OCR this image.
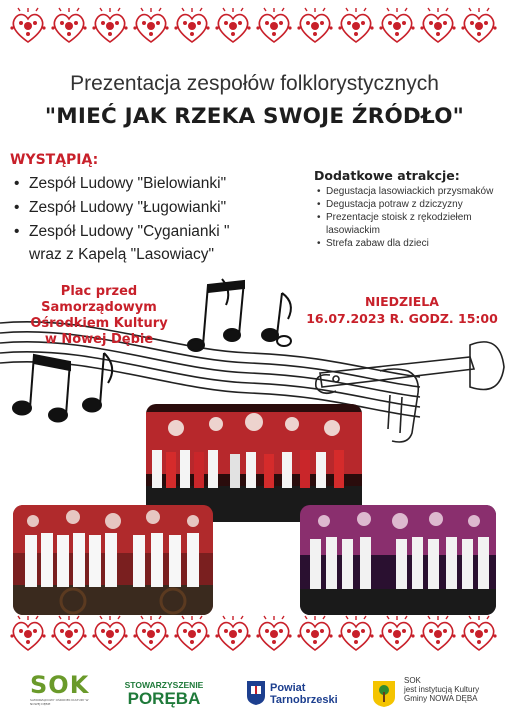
Prezentacja zespołów folklorystycznych
"MIEĆ JAK RZEKA SWOJE ŹRÓDŁO"
WYSTĄPIĄ:
• Zespół Ludowy "Bielowianki"
• Zespół Ludowy "Ługowianki"
• Zespół Ludowy "Cyganianki "
wraz z Kapelą "Lasowiacy"
Dodatkowe atrakcje:
• Degustacja lasowiackich przysmaków
• Degustacja potraw z dziczyzny
• Prezentacje stoisk z rękodziełem lasowiackim
• Strefa zabaw dla dzieci
Plac przed
Samorządowym
Ośrodkiem Kultury
w Nowej Dębie
NIEDZIELA
16.07.2023 R. GODZ. 15:00
SOK
SAMORZĄDOWY OŚRODEK KULTURY W NOWEJ DĘBIE
STOWARZYSZENIE
PORĘBA
Powiat
Tarnobrzeski
SOK
jest instytucją Kultury
Gminy NOWA DĘBA
